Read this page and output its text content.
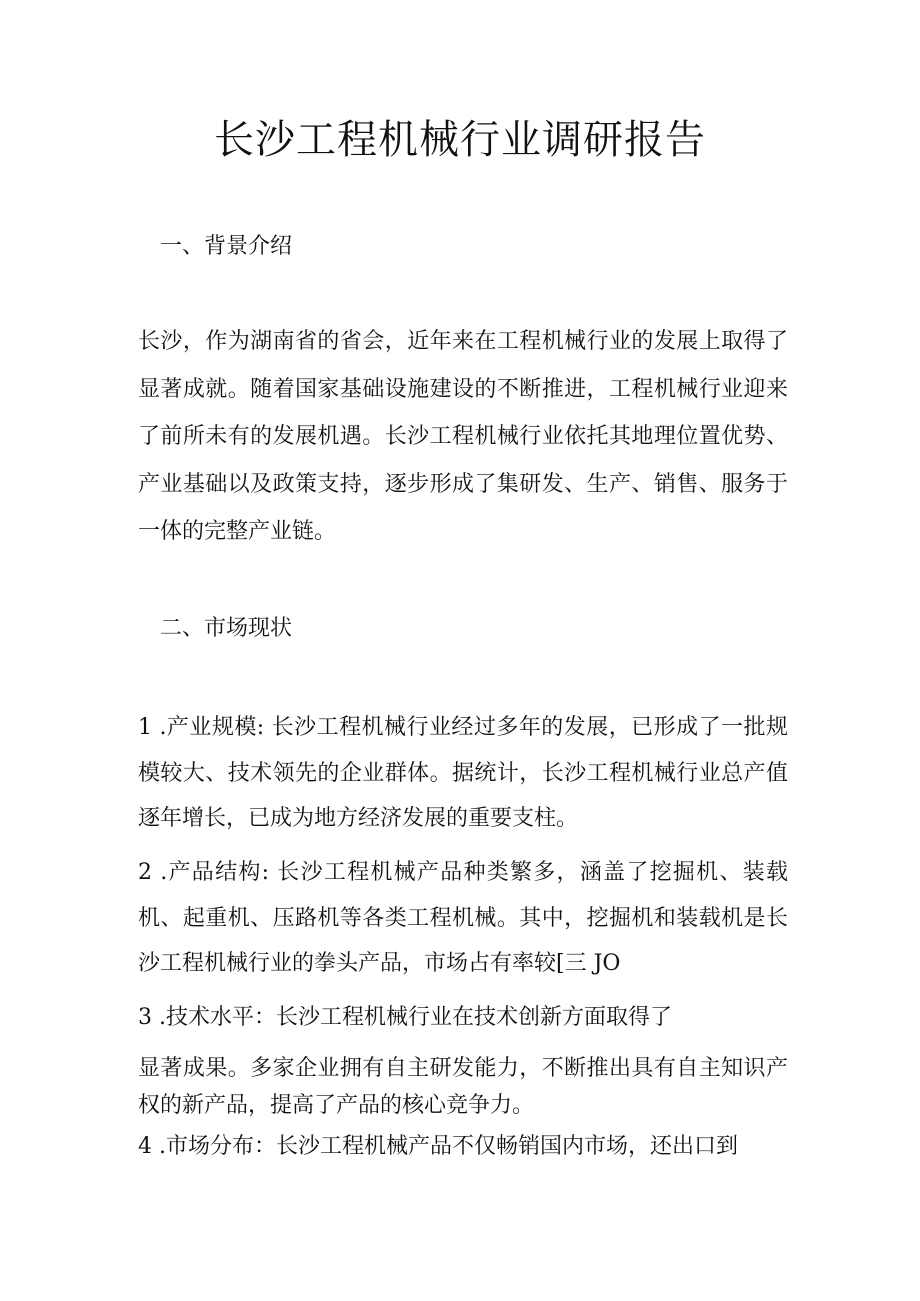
长沙工程机械行业调研报告
一、背景介绍

长沙，作为湖南省的省会，近年来在工程机械行业的发展上取得了显著成就。随着国家基础设施建设的不断推进，工程机械行业迎来了前所未有的发展机遇。长沙工程机械行业依托其地理位置优势、产业基础以及政策支持，逐步形成了集研发、生产、销售、服务于一体的完整产业链。

二、市场现状

1 .产业规模: 长沙工程机械行业经过多年的发展，已形成了一批规模较大、技术领先的企业群体。据统计，长沙工程机械行业总产值逐年增长，已成为地方经济发展的重要支柱。

2 .产品结构: 长沙工程机械产品种类繁多，涵盖了挖掘机、装载机、起重机、压路机等各类工程机械。其中，挖掘机和装载机是长沙工程机械行业的拳头产品，市场占有率较[三 JO

3 .技术水平：长沙工程机械行业在技术创新方面取得了

显著成果。多家企业拥有自主研发能力，不断推出具有自主知识产权的新产品，提高了产品的核心竞争力。

4 .市场分布：长沙工程机械产品不仅畅销国内市场，还出口到
